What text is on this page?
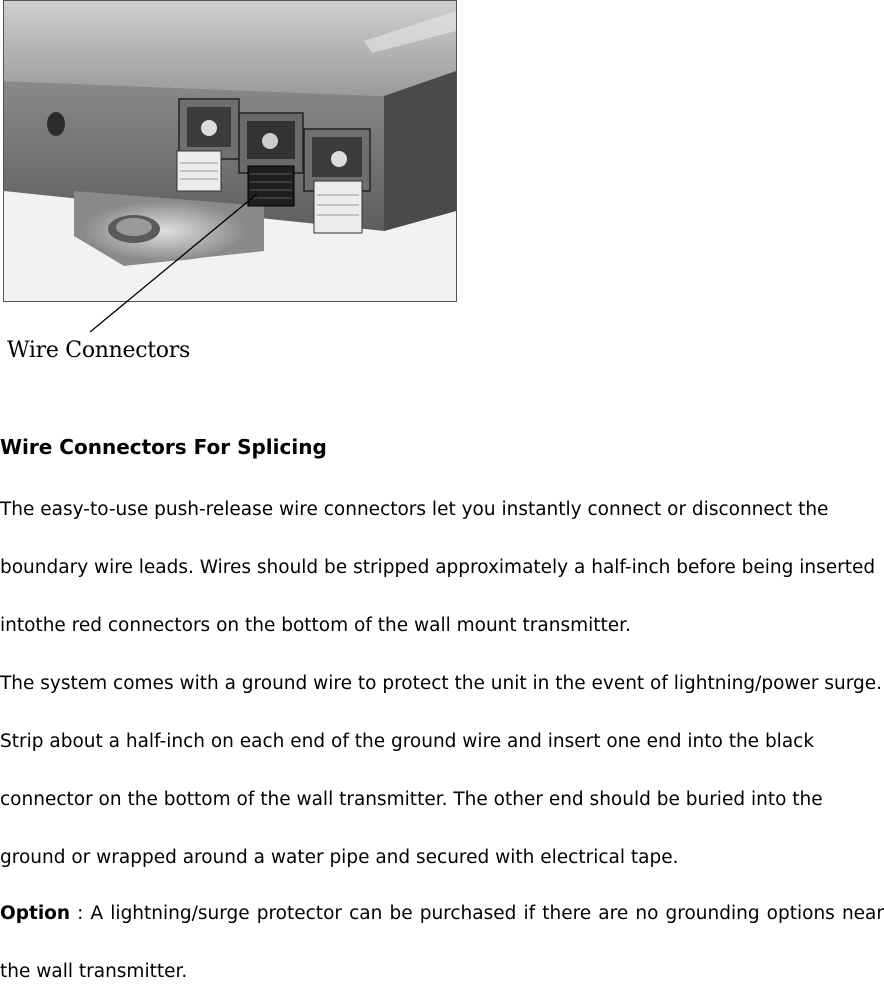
Wire Connectors
Wire Connectors For Splicing

The easy-to-use push-release wire connectors let you instantly connect or disconnect the boundary wire leads. Wires should be stripped approximately a half-inch before being inserted intothe red connectors on the bottom of the wall mount transmitter.

The system comes with a ground wire to protect the unit in the event of lightning/power surge. Strip about a half-inch on each end of the ground wire and insert one end into the black connector on the bottom of the wall transmitter. The other end should be buried into the ground or wrapped around a water pipe and secured with electrical tape.

Option : A lightning/surge protector can be purchased if there are no grounding options near the wall transmitter.
